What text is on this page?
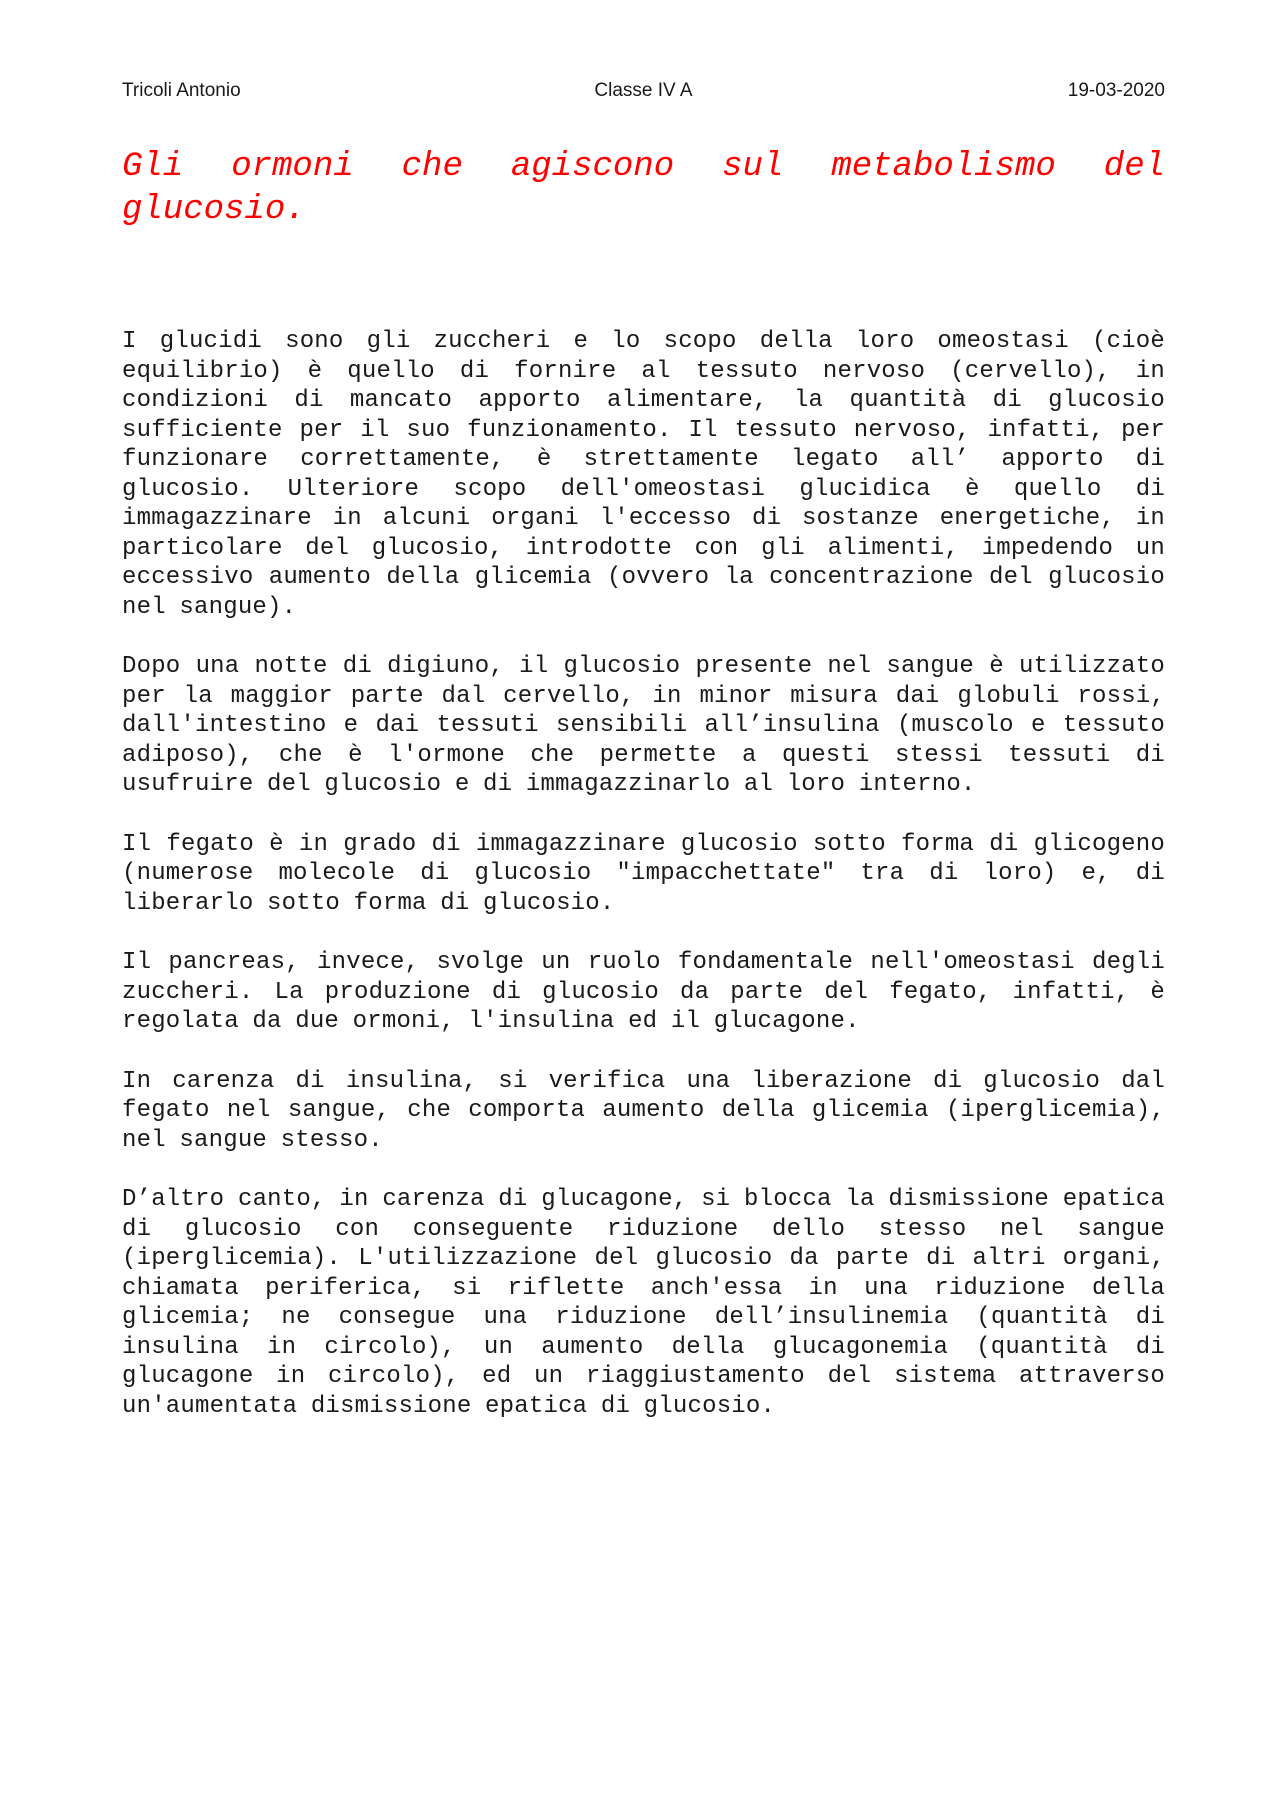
Tricoli Antonio	Classe IV A	19-03-2020
Gli ormoni che agiscono sul metabolismo del glucosio.

I glucidi sono gli zuccheri e lo scopo della loro omeostasi (cioè equilibrio) è quello di fornire al tessuto nervoso (cervello), in condizioni di mancato apporto alimentare, la quantità di glucosio sufficiente per il suo funzionamento. Il tessuto nervoso, infatti, per funzionare correttamente, è strettamente legato all’ apporto di glucosio. Ulteriore scopo dell'omeostasi glucidica è quello di immagazzinare in alcuni organi l'eccesso di sostanze energetiche, in particolare del glucosio, introdotte con gli alimenti, impedendo un eccessivo aumento della glicemia (ovvero la concentrazione del glucosio nel sangue).

Dopo una notte di digiuno, il glucosio presente nel sangue è utilizzato per la maggior parte dal cervello, in minor misura dai globuli rossi, dall'intestino e dai tessuti sensibili all’insulina (muscolo e tessuto adiposo), che è l'ormone che permette a questi stessi tessuti di usufruire del glucosio e di immagazzinarlo al loro interno.

Il fegato è in grado di immagazzinare glucosio sotto forma di glicogeno (numerose molecole di glucosio "impacchettate" tra di loro) e, di liberarlo sotto forma di glucosio.

Il pancreas, invece, svolge un ruolo fondamentale nell'omeostasi degli zuccheri. La produzione di glucosio da parte del fegato, infatti, è regolata da due ormoni, l'insulina ed il glucagone.

In carenza di insulina, si verifica una liberazione di glucosio dal fegato nel sangue, che comporta aumento della glicemia (iperglicemia), nel sangue stesso.

D’altro canto, in carenza di glucagone, si blocca la dismissione epatica di glucosio con conseguente riduzione dello stesso nel sangue (iperglicemia). L'utilizzazione del glucosio da parte di altri organi, chiamata periferica, si riflette anch'essa in una riduzione della glicemia; ne consegue una riduzione dell’insulinemia (quantità di insulina in circolo), un aumento della glucagonemia (quantità di glucagone in circolo), ed un riaggiustamento del sistema attraverso un'aumentata dismissione epatica di glucosio.
